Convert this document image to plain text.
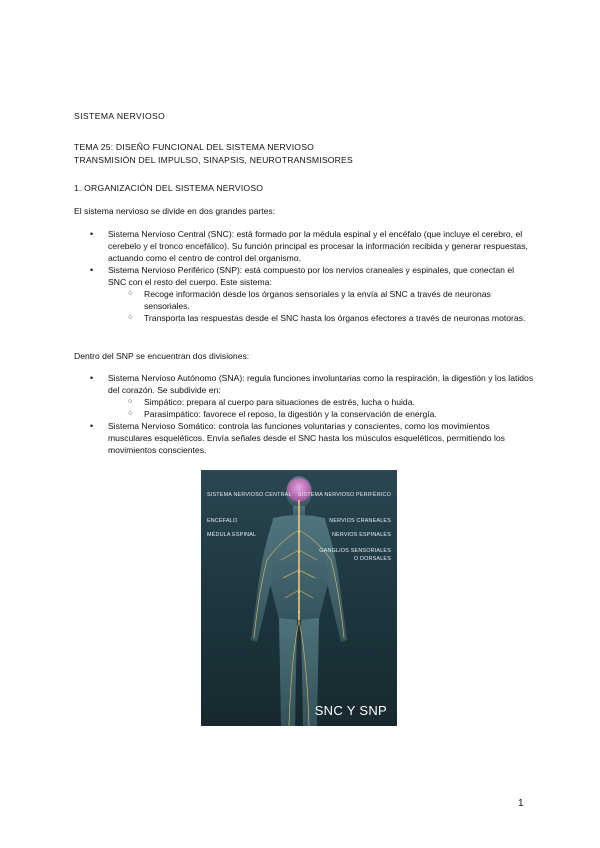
SISTEMA NERVIOSO
TEMA 25: DISEÑO FUNCIONAL DEL SISTEMA NERVIOSO
TRANSMISIÓN DEL IMPULSO, SINAPSIS, NEUROTRANSMISORES
1. ORGANIZACIÓN DEL SISTEMA NERVIOSO
El sistema nervioso se divide en dos grandes partes:
• Sistema Nervioso Central (SNC): está formado por la médula espinal y el encéfalo (que incluye el cerebro, el cerebelo y el tronco encefálico). Su función principal es procesar la información recibida y generar respuestas, actuando como el centro de control del organismo.
• Sistema Nervioso Periférico (SNP): está compuesto por los nervios craneales y espinales, que conectan el SNC con el resto del cuerpo. Este sistema:
○ Recoge información desde los órganos sensoriales y la envía al SNC a través de neuronas sensoriales.
○ Transporta las respuestas desde el SNC hasta los órganos efectores a través de neuronas motoras.
Dentro del SNP se encuentran dos divisiones:
• Sistema Nervioso Autónomo (SNA): regula funciones involuntarias como la respiración, la digestión y los latidos del corazón. Se subdivide en:
○ Simpático: prepara al cuerpo para situaciones de estrés, lucha o huida.
○ Parasimpático: favorece el reposo, la digestión y la conservación de energía.
• Sistema Nervioso Somático: controla las funciones voluntarias y conscientes, como los movimientos musculares esqueléticos. Envía señales desde el SNC hasta los músculos esqueléticos, permitiendo los movimientos conscientes.
SISTEMA NERVIOSO CENTRAL
ENCÉFALO
MÉDULA ESPINAL
SISTEMA NERVIOSO PERIFÉRICO
NERVIOS CRANEALES
NERVIOS ESPINALES
GANGLIOS SENSORIALES
O DORSALES
SNC Y SNP
1
